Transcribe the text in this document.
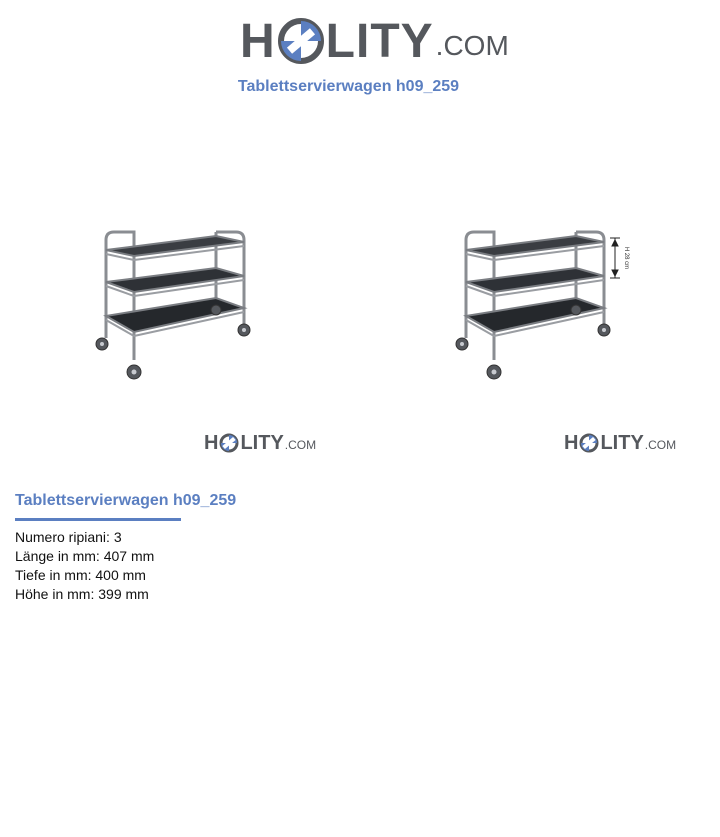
H LITY .COM
Tablettservierwagen h09_259
H 28 cm
H LITY .COM	H LITY .COM
Tablettservierwagen h09_259
Numero ripiani: 3
Länge in mm: 407 mm
Tiefe in mm: 400 mm
Höhe in mm: 399 mm
